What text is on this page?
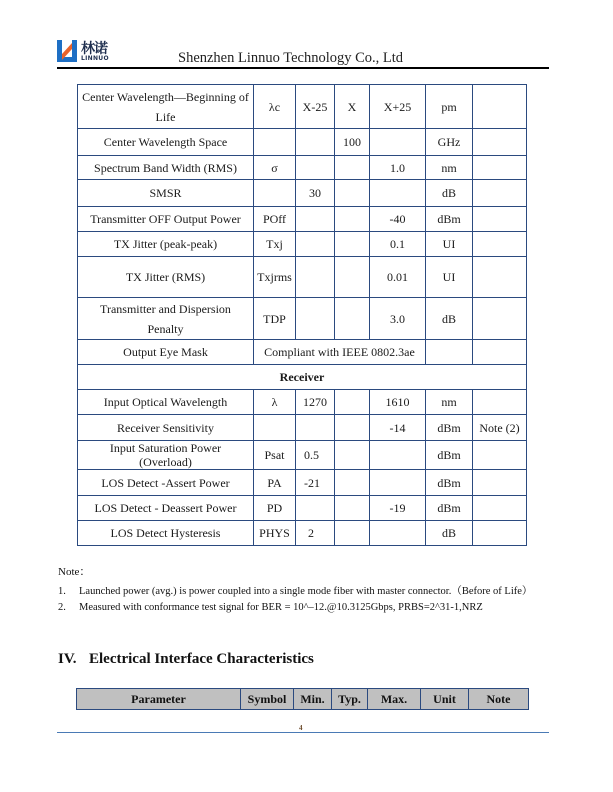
林诺
LINNUO	Shenzhen Linnuo Technology Co., Ltd
Center Wavelength—Beginning of Life	λc	X-25	X	X+25	pm	
Center Wavelength Space			100		GHz	
Spectrum Band Width (RMS)	σ			1.0	nm	
SMSR		30			dB	
Transmitter OFF Output Power	POff			-40	dBm	
TX Jitter (peak-peak)	Txj			0.1	UI	
TX Jitter (RMS)	Txjrms			0.01	UI	
Transmitter and Dispersion Penalty	TDP			3.0	dB	
Output Eye Mask	Compliant with IEEE 0802.3ae					
Receiver						
Input Optical Wavelength	λ	1270		1610	nm	
Receiver Sensitivity				-14	dBm	Note (2)
Input Saturation Power (Overload)	Psat	0.5			dBm	
LOS Detect -Assert Power	PA	-21			dBm	
LOS Detect - Deassert Power	PD			-19	dBm	
LOS Detect Hysteresis	PHYS	2			dB	
Note：
1. Launched power (avg.) is power coupled into a single mode fiber with master connector.（Before of Life）
2. Measured with conformance test signal for BER = 10^–12.@10.3125Gbps, PRBS=2^31-1,NRZ
IV. Electrical Interface Characteristics
Parameter	Symbol	Min.	Typ.	Max.	Unit	Note
4
